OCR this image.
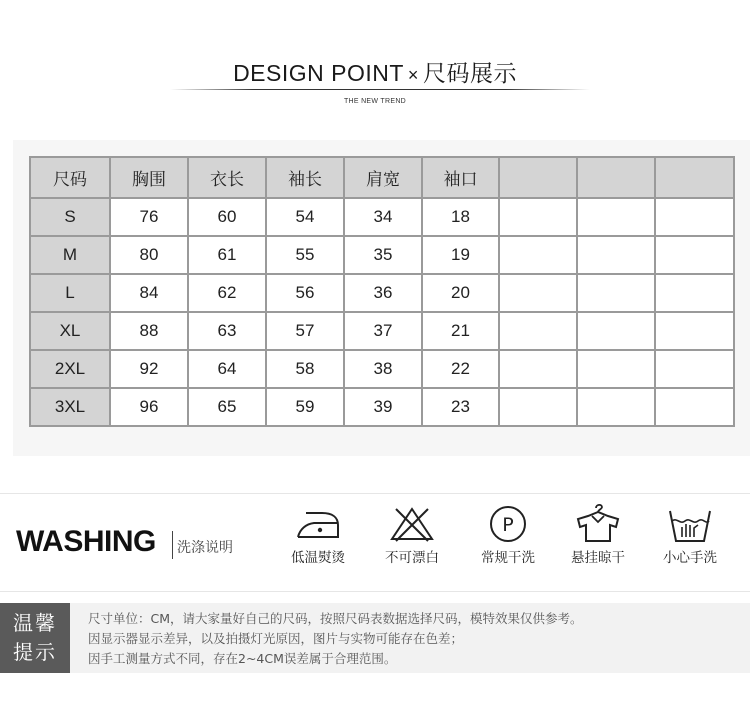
DESIGN POINT × 尺码展示
THE NEW TREND
尺码	胸围	衣长	袖长	肩宽	袖口			
S	76	60	54	34	18			
M	80	61	55	35	19			
L	84	62	56	36	20			
XL	88	63	57	37	21			
2XL	92	64	58	38	22			
3XL	96	65	59	39	23			
WASHING 洗涤说明
低温熨烫	不可漂白
P
常规干洗	悬挂晾干	小心手洗
温馨
提示
尺寸单位：CM，请大家量好自己的尺码，按照尺码表数据选择尺码，模特效果仅供参考。
因显示器显示差异，以及拍摄灯光原因，图片与实物可能存在色差；
因手工测量方式不同，存在2~4CM误差属于合理范围。
